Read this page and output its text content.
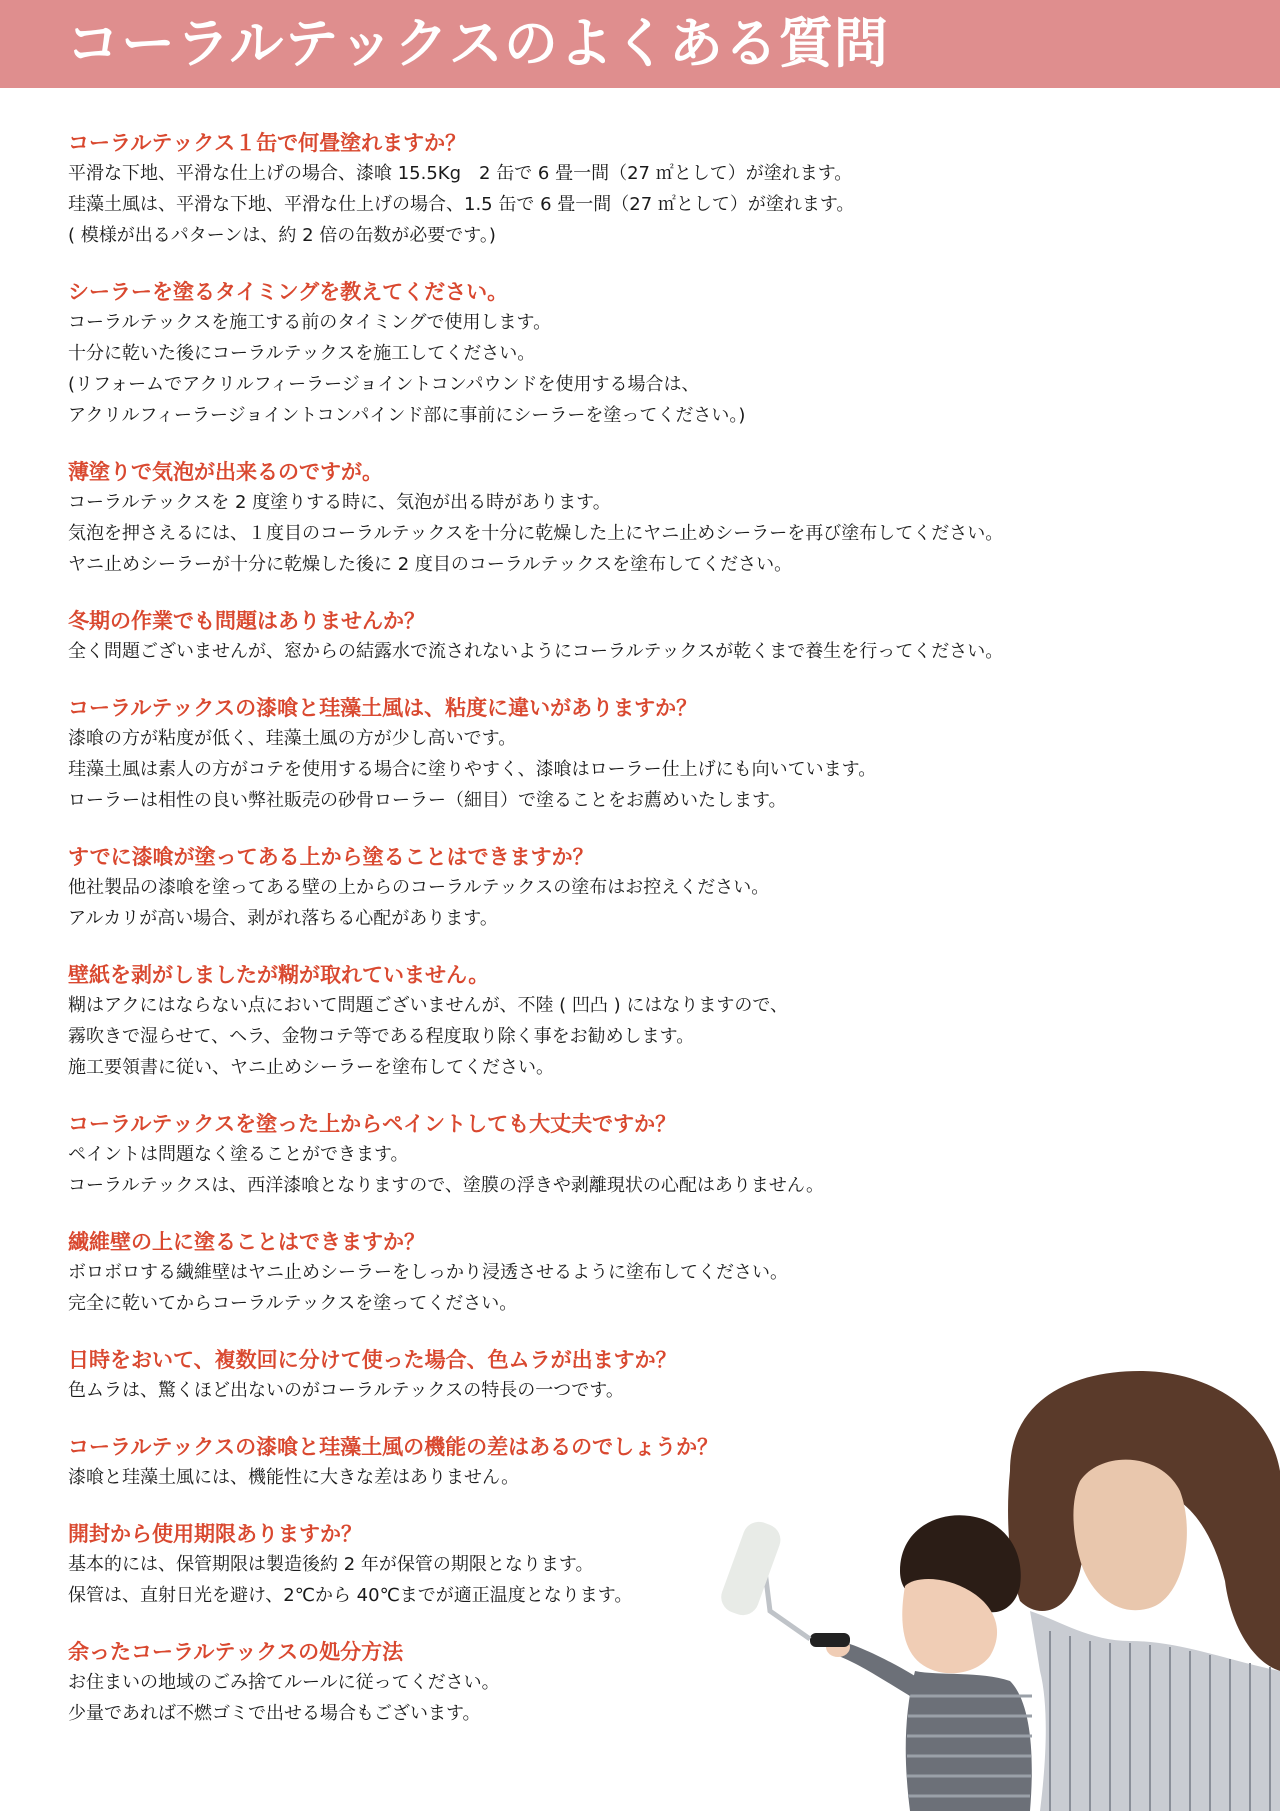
コーラルテックスのよくある質問

コーラルテックス１缶で何畳塗れますか？

平滑な下地、平滑な仕上げの場合、漆喰 15.5Kg　2 缶で 6 畳一間（27 ㎡として）が塗れます。

珪藻土風は、平滑な下地、平滑な仕上げの場合、1.5 缶で 6 畳一間（27 ㎡として）が塗れます。

( 模様が出るパターンは、約 2 倍の缶数が必要です。)

シーラーを塗るタイミングを教えてください。

コーラルテックスを施工する前のタイミングで使用します。

十分に乾いた後にコーラルテックスを施工してください。

(リフォームでアクリルフィーラージョイントコンパウンドを使用する場合は、

アクリルフィーラージョイントコンパインド部に事前にシーラーを塗ってください。)

薄塗りで気泡が出来るのですが。

コーラルテックスを 2 度塗りする時に、気泡が出る時があります。

気泡を押さえるには、１度目のコーラルテックスを十分に乾燥した上にヤニ止めシーラーを再び塗布してください。

ヤニ止めシーラーが十分に乾燥した後に 2 度目のコーラルテックスを塗布してください。

冬期の作業でも問題はありませんか？

全く問題ございませんが、窓からの結露水で流されないようにコーラルテックスが乾くまで養生を行ってください。

コーラルテックスの漆喰と珪藻土風は、粘度に違いがありますか？

漆喰の方が粘度が低く、珪藻土風の方が少し高いです。

珪藻土風は素人の方がコテを使用する場合に塗りやすく、漆喰はローラー仕上げにも向いています。

ローラーは相性の良い弊社販売の砂骨ローラー（細目）で塗ることをお薦めいたします。

すでに漆喰が塗ってある上から塗ることはできますか？

他社製品の漆喰を塗ってある壁の上からのコーラルテックスの塗布はお控えください。

アルカリが高い場合、剥がれ落ちる心配があります。

壁紙を剥がしましたが糊が取れていません。

糊はアクにはならない点において問題ございませんが、不陸 ( 凹凸 ) にはなりますので、

霧吹きで湿らせて、ヘラ、金物コテ等である程度取り除く事をお勧めします。

施工要領書に従い、ヤニ止めシーラーを塗布してください。

コーラルテックスを塗った上からペイントしても大丈夫ですか？

ペイントは問題なく塗ることができます。

コーラルテックスは、西洋漆喰となりますので、塗膜の浮きや剥離現状の心配はありません。

繊維壁の上に塗ることはできますか？

ボロボロする繊維壁はヤニ止めシーラーをしっかり浸透させるように塗布してください。

完全に乾いてからコーラルテックスを塗ってください。

日時をおいて、複数回に分けて使った場合、色ムラが出ますか？

色ムラは、驚くほど出ないのがコーラルテックスの特長の一つです。

コーラルテックスの漆喰と珪藻土風の機能の差はあるのでしょうか？

漆喰と珪藻土風には、機能性に大きな差はありません。

開封から使用期限ありますか？

基本的には、保管期限は製造後約 2 年が保管の期限となります。

保管は、直射日光を避け、2℃から 40℃までが適正温度となります。

余ったコーラルテックスの処分方法

お住まいの地域のごみ捨てルールに従ってください。

少量であれば不燃ゴミで出せる場合もございます。
